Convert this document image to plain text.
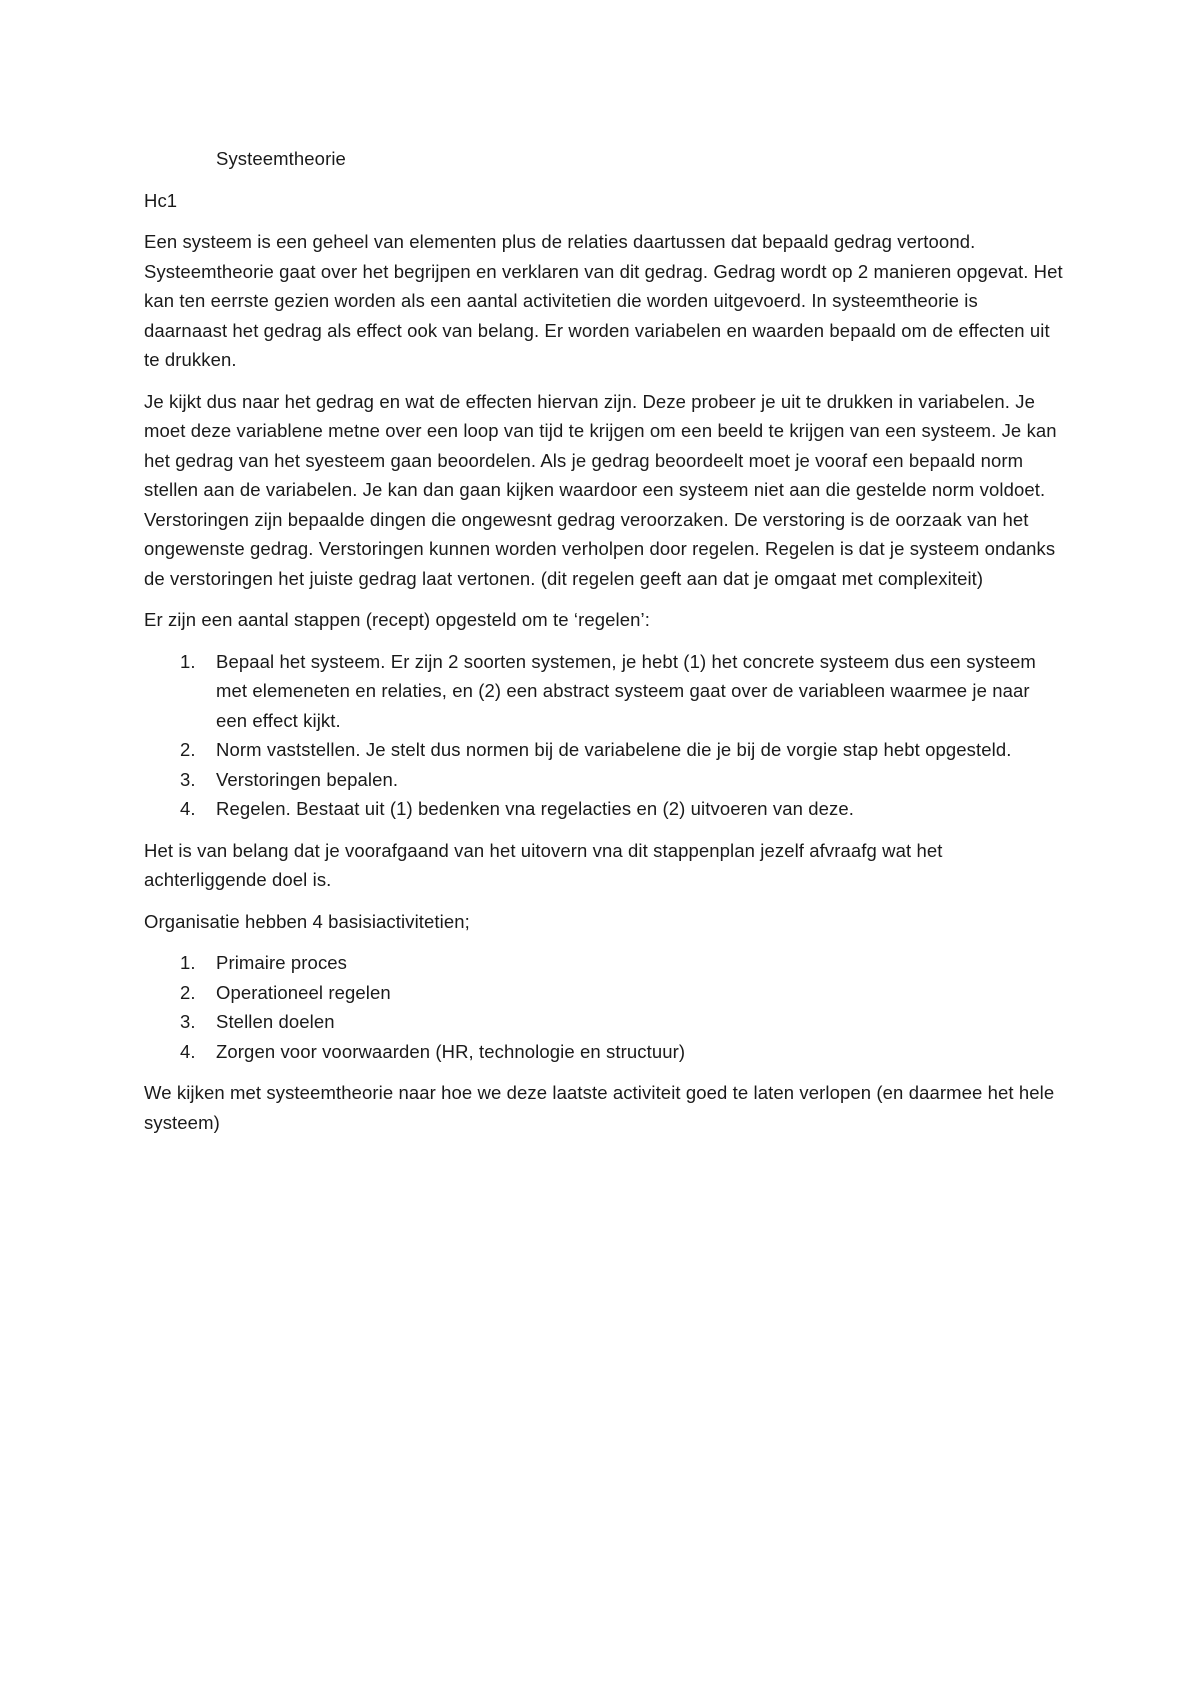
Systeemtheorie
Hc1

Een systeem is een geheel van elementen plus de relaties daartussen dat bepaald gedrag vertoond. Systeemtheorie gaat over het begrijpen en verklaren van dit gedrag. Gedrag wordt op 2 manieren opgevat. Het kan ten eerrste gezien worden als een aantal activitetien die worden uitgevoerd. In systeemtheorie is daarnaast het gedrag als effect ook van belang. Er worden variabelen en waarden bepaald om de effecten uit te drukken.

Je kijkt dus naar het gedrag en wat de effecten hiervan zijn. Deze probeer je uit te drukken in variabelen. Je moet deze variablene metne over een loop van tijd te krijgen om een beeld te krijgen van een systeem. Je kan het gedrag van het syesteem gaan beoordelen. Als je gedrag beoordeelt moet je vooraf een bepaald norm stellen aan de variabelen. Je kan dan gaan kijken waardoor een systeem niet aan die gestelde norm voldoet. Verstoringen zijn bepaalde dingen die ongewesnt gedrag veroorzaken. De verstoring is de oorzaak van het ongewenste gedrag. Verstoringen kunnen worden verholpen door regelen. Regelen is dat je systeem ondanks de verstoringen het juiste gedrag laat vertonen. (dit regelen geeft aan dat je omgaat met complexiteit)

Er zijn een aantal stappen (recept) opgesteld om te ‘regelen’:

1. Bepaal het systeem. Er zijn 2 soorten systemen, je hebt (1) het concrete systeem dus een systeem met elemeneten en relaties, en (2) een abstract systeem gaat over de variableen waarmee je naar een effect kijkt.
2. Norm vaststellen. Je stelt dus normen bij de variabelene die je bij de vorgie stap hebt opgesteld.
3. Verstoringen bepalen.
4. Regelen. Bestaat uit (1) bedenken vna regelacties en (2) uitvoeren van deze.

Het is van belang dat je voorafgaand van het uitovern vna dit stappenplan jezelf afvraafg wat het achterliggende doel is.

Organisatie hebben 4 basisiactivitetien;

1. Primaire proces
2. Operationeel regelen
3. Stellen doelen
4. Zorgen voor voorwaarden (HR, technologie en structuur)

We kijken met systeemtheorie naar hoe we deze laatste activiteit goed te laten verlopen (en daarmee het hele systeem)
